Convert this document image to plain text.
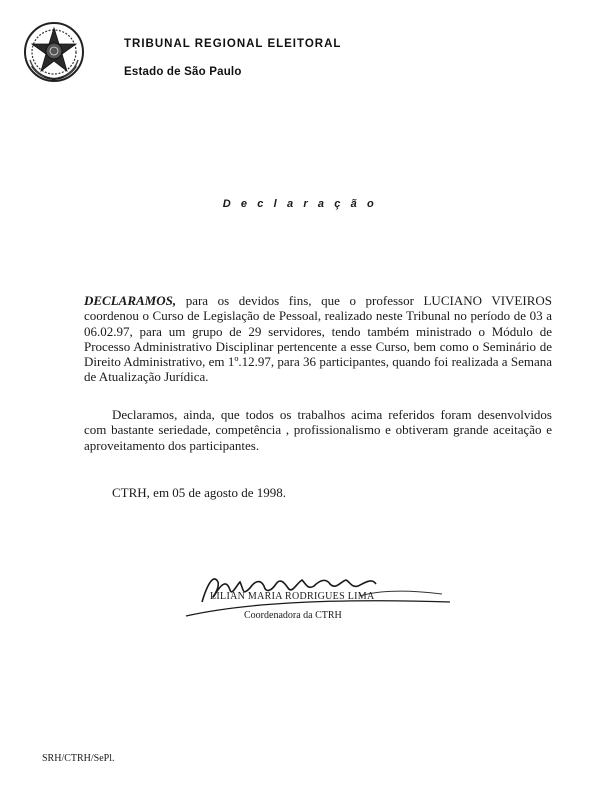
TRIBUNAL REGIONAL ELEITORAL
Estado de São Paulo
D e c l a r a ç ã o
DECLARAMOS, para os devidos fins, que o professor LUCIANO VIVEIROS coordenou o Curso de Legislação de Pessoal, realizado neste Tribunal no período de 03 a 06.02.97, para um grupo de 29 servidores, tendo também ministrado o Módulo de Processo Administrativo Disciplinar pertencente a esse Curso, bem como o Seminário de Direito Administrativo, em 1º.12.97, para 36 participantes, quando foi realizada a Semana de Atualização Jurídica.
Declaramos, ainda, que todos os trabalhos acima referidos foram desenvolvidos com bastante seriedade, competência , profissionalismo e obtiveram grande aceitação e aproveitamento dos participantes.
CTRH, em 05 de agosto de 1998.
LILIAN MARIA RODRIGUES LIMA
Coordenadora da CTRH
SRH/CTRH/SePl.
